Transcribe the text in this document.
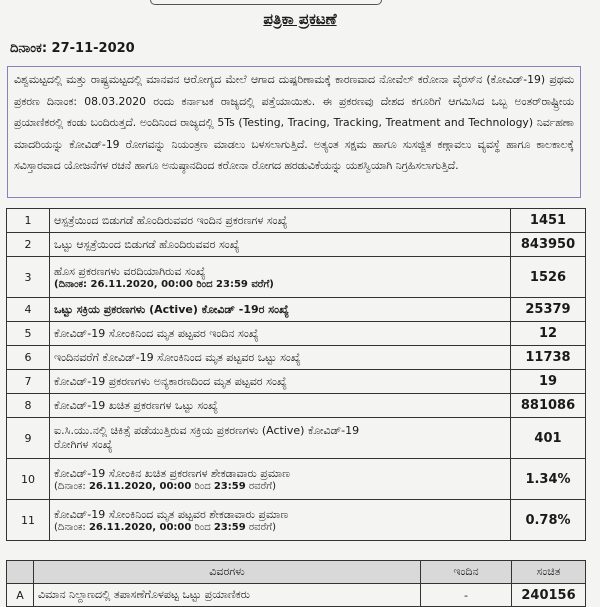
ಪತ್ರಿಕಾ ಪ್ರಕಟಣೆ
ದಿನಾಂಕ: 27-11-2020
ವಿಶ್ವಮಟ್ಟದಲ್ಲಿ ಮತ್ತು ರಾಷ್ಟ್ರಮಟ್ಟದಲ್ಲಿ ಮಾನವನ ಆರೋಗ್ಯದ ಮೇಲೆ ಆಗಾದ ದುಷ್ಪರಿಣಾಮಕ್ಕೆ ಕಾರಣವಾದ ನೋವೆಲ್ ಕರೋನಾ ವೈರಸ್‌ನ (ಕೋವಿಡ್-19) ಪ್ರಥಮ ಪ್ರಕರಣ ದಿನಾಂಕ: 08.03.2020 ರಂದು ಕರ್ನಾಟಕ ರಾಜ್ಯದಲ್ಲಿ ಪತ್ತೆಯಾಯಿತು. ಈ ಪ್ರಕರಣವು ದೇಶದ ಕಗೂರಿಗೆ ಆಗಮಿಸಿದ ಒಬ್ಬ ಅಂತರ್‌ರಾಷ್ಟ್ರೀಯ ಪ್ರಯಾಣಿಕರಲ್ಲಿ ಕಂಡು ಬಂದಿರುತ್ತದೆ. ಅಂದಿನಿಂದ ರಾಜ್ಯದಲ್ಲಿ 5Ts (Testing, Tracing, Tracking, Treatment and Technology) ನಿರ್ವಹಣಾ ಮಾದರಿಯನ್ನು ಕೋವಿಡ್-19 ರೋಗವನ್ನು ನಿಯಂತ್ರಣ ಮಾಡಲು ಬಳಸಲಾಗುತ್ತಿದೆ. ಅತ್ಯಂತ ಸಕ್ಷಮ ಹಾಗೂ ಸುಸಜ್ಜಿತ ಕಣ್ಗಾವಲು ವ್ಯವಸ್ಥೆ ಹಾಗೂ ಕಾಲಕಾಲಕ್ಕೆ ಸವಿಸ್ತಾರವಾದ ಯೋಜನೆಗಳ ರಚನೆ ಹಾಗೂ ಅನುಷ್ಠಾನದಿಂದ ಕರೋನಾ ರೋಗದ ಹರಡುವಿಕೆಯನ್ನು ಯಶಸ್ವಿಯಾಗಿ ನಿಗ್ರಹಿಸಲಾಗುತ್ತಿದೆ.
1	ಆಸ್ಪತ್ರೆಯಿಂದ ಬಿಡುಗಡೆ ಹೊಂದಿರುವವರ ಇಂದಿನ ಪ್ರಕರಣಗಳ ಸಂಖ್ಯೆ	1451
2	ಒಟ್ಟು ಆಸ್ಪತ್ರೆಯಿಂದ ಬಿಡುಗಡೆ ಹೊಂದಿರುವವರ ಸಂಖ್ಯೆ	843950
3	ಹೊಸ ಪ್ರಕರಣಗಳು ವರದಿಯಾಗಿರುವ ಸಂಖ್ಯೆ
(ದಿನಾಂಕ: 26.11.2020, 00:00 ರಿಂದ 23:59 ವರೆಗೆ)	1526
4	ಒಟ್ಟು ಸಕ್ರಿಯ ಪ್ರಕರಣಗಳು (Active) ಕೋವಿಡ್ -19ರ ಸಂಖ್ಯೆ	25379
5	ಕೋವಿಡ್-19 ಸೋಂಕಿನಿಂದ ಮೃತ ಪಟ್ಟವರ ಇಂದಿನ ಸಂಖ್ಯೆ	12
6	ಇಂದಿನವರೆಗೆ ಕೋವಿಡ್-19 ಸೋಂಕಿನಿಂದ ಮೃತ ಪಟ್ಟವರ ಒಟ್ಟು ಸಂಖ್ಯೆ	11738
7	ಕೋವಿಡ್-19 ಪ್ರಕರಣಗಳು ಅನ್ಯಕಾರಣದಿಂದ ಮೃತ ಪಟ್ಟವರ ಸಂಖ್ಯೆ	19
8	ಕೋವಿಡ್-19 ಖಚಿತ ಪ್ರಕರಣಗಳ ಒಟ್ಟು ಸಂಖ್ಯೆ	881086
9	ಐ.ಸಿ.ಯು.ನಲ್ಲಿ ಚಿಕಿತ್ಸೆ ಪಡೆಯುತ್ತಿರುವ ಸಕ್ರಿಯ ಪ್ರಕರಣಗಳು (Active) ಕೋವಿಡ್-19
ರೋಗಿಗಳ ಸಂಖ್ಯೆ	401
10	ಕೋವಿಡ್-19 ಸೋಂಕಿನ ಖಚಿತ ಪ್ರಕರಣಗಳ ಶೇಕಡಾವಾರು ಪ್ರಮಾಣ
(ದಿನಾಂಕ: 26.11.2020, 00:00 ರಿಂದ 23:59 ರವರೆಗೆ)	1.34%
11	ಕೋವಿಡ್-19 ಸೋಂಕಿನಿಂದ ಮೃತ ಪಟ್ಟವರ ಶೇಕಡಾವಾರು ಪ್ರಮಾಣ
(ದಿನಾಂಕ: 26.11.2020, 00:00 ರಿಂದ 23:59 ರವರೆಗೆ)	0.78%
	ವಿವರಗಳು	ಇಂದಿನ	ಸಂಚಿತ
A	ವಿಮಾನ ನಿಲ್ದಾಣದಲ್ಲಿ ತಪಾಸಣೆಗೊಳಪಟ್ಟ ಒಟ್ಟು ಪ್ರಯಾಣಿಕರು	-	240156
